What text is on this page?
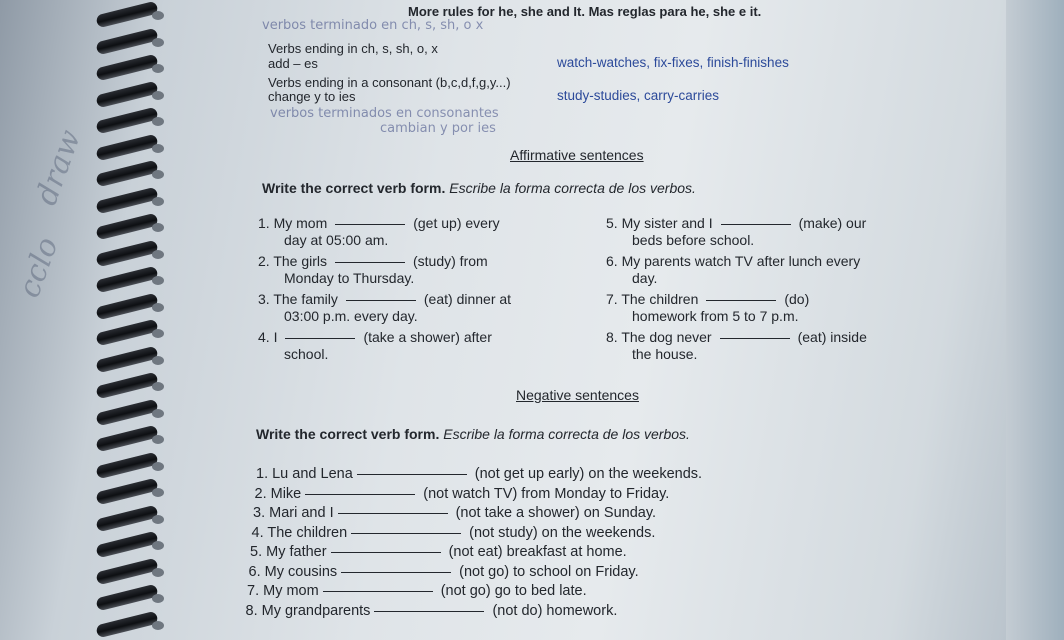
draw
cclo
More rules for he, she and It. Mas reglas para he, she e it.
verbos terminado en ch, s, sh, o x
Verbs ending in ch, s, sh, o, x
add – es	watch-watches, fix-fixes, finish-finishes
Verbs ending in a consonant (b,c,d,f,g,y...)
change y to ies	study-studies, carry-carries
verbos terminados en consonantes
cambian y por ies
Affirmative sentences
Write the correct verb form. Escribe la forma correcta de los verbos.
1. My mom	(get up) every
day at 05:00 am.
2. The girls	(study) from
Monday to Thursday.
3. The family	(eat) dinner at
03:00 p.m. every day.
4. I	(take a shower) after
school.
5. My sister and I	(make) our
beds before school.
6. My parents watch TV after lunch every
day.
7. The children	(do)
homework from 5 to 7 p.m.
8. The dog never	(eat) inside
the house.
Negative sentences
Write the correct verb form. Escribe la forma correcta de los verbos.
1. Lu and Lena	(not get up early) on the weekends.
2. Mike	(not watch TV) from Monday to Friday.
3. Mari and I	(not take a shower) on Sunday.
4. The children	(not study) on the weekends.
5. My father	(not eat) breakfast at home.
6. My cousins	(not go) to school on Friday.
7. My mom	(not go) go to bed late.
8. My grandparents	(not do) homework.
